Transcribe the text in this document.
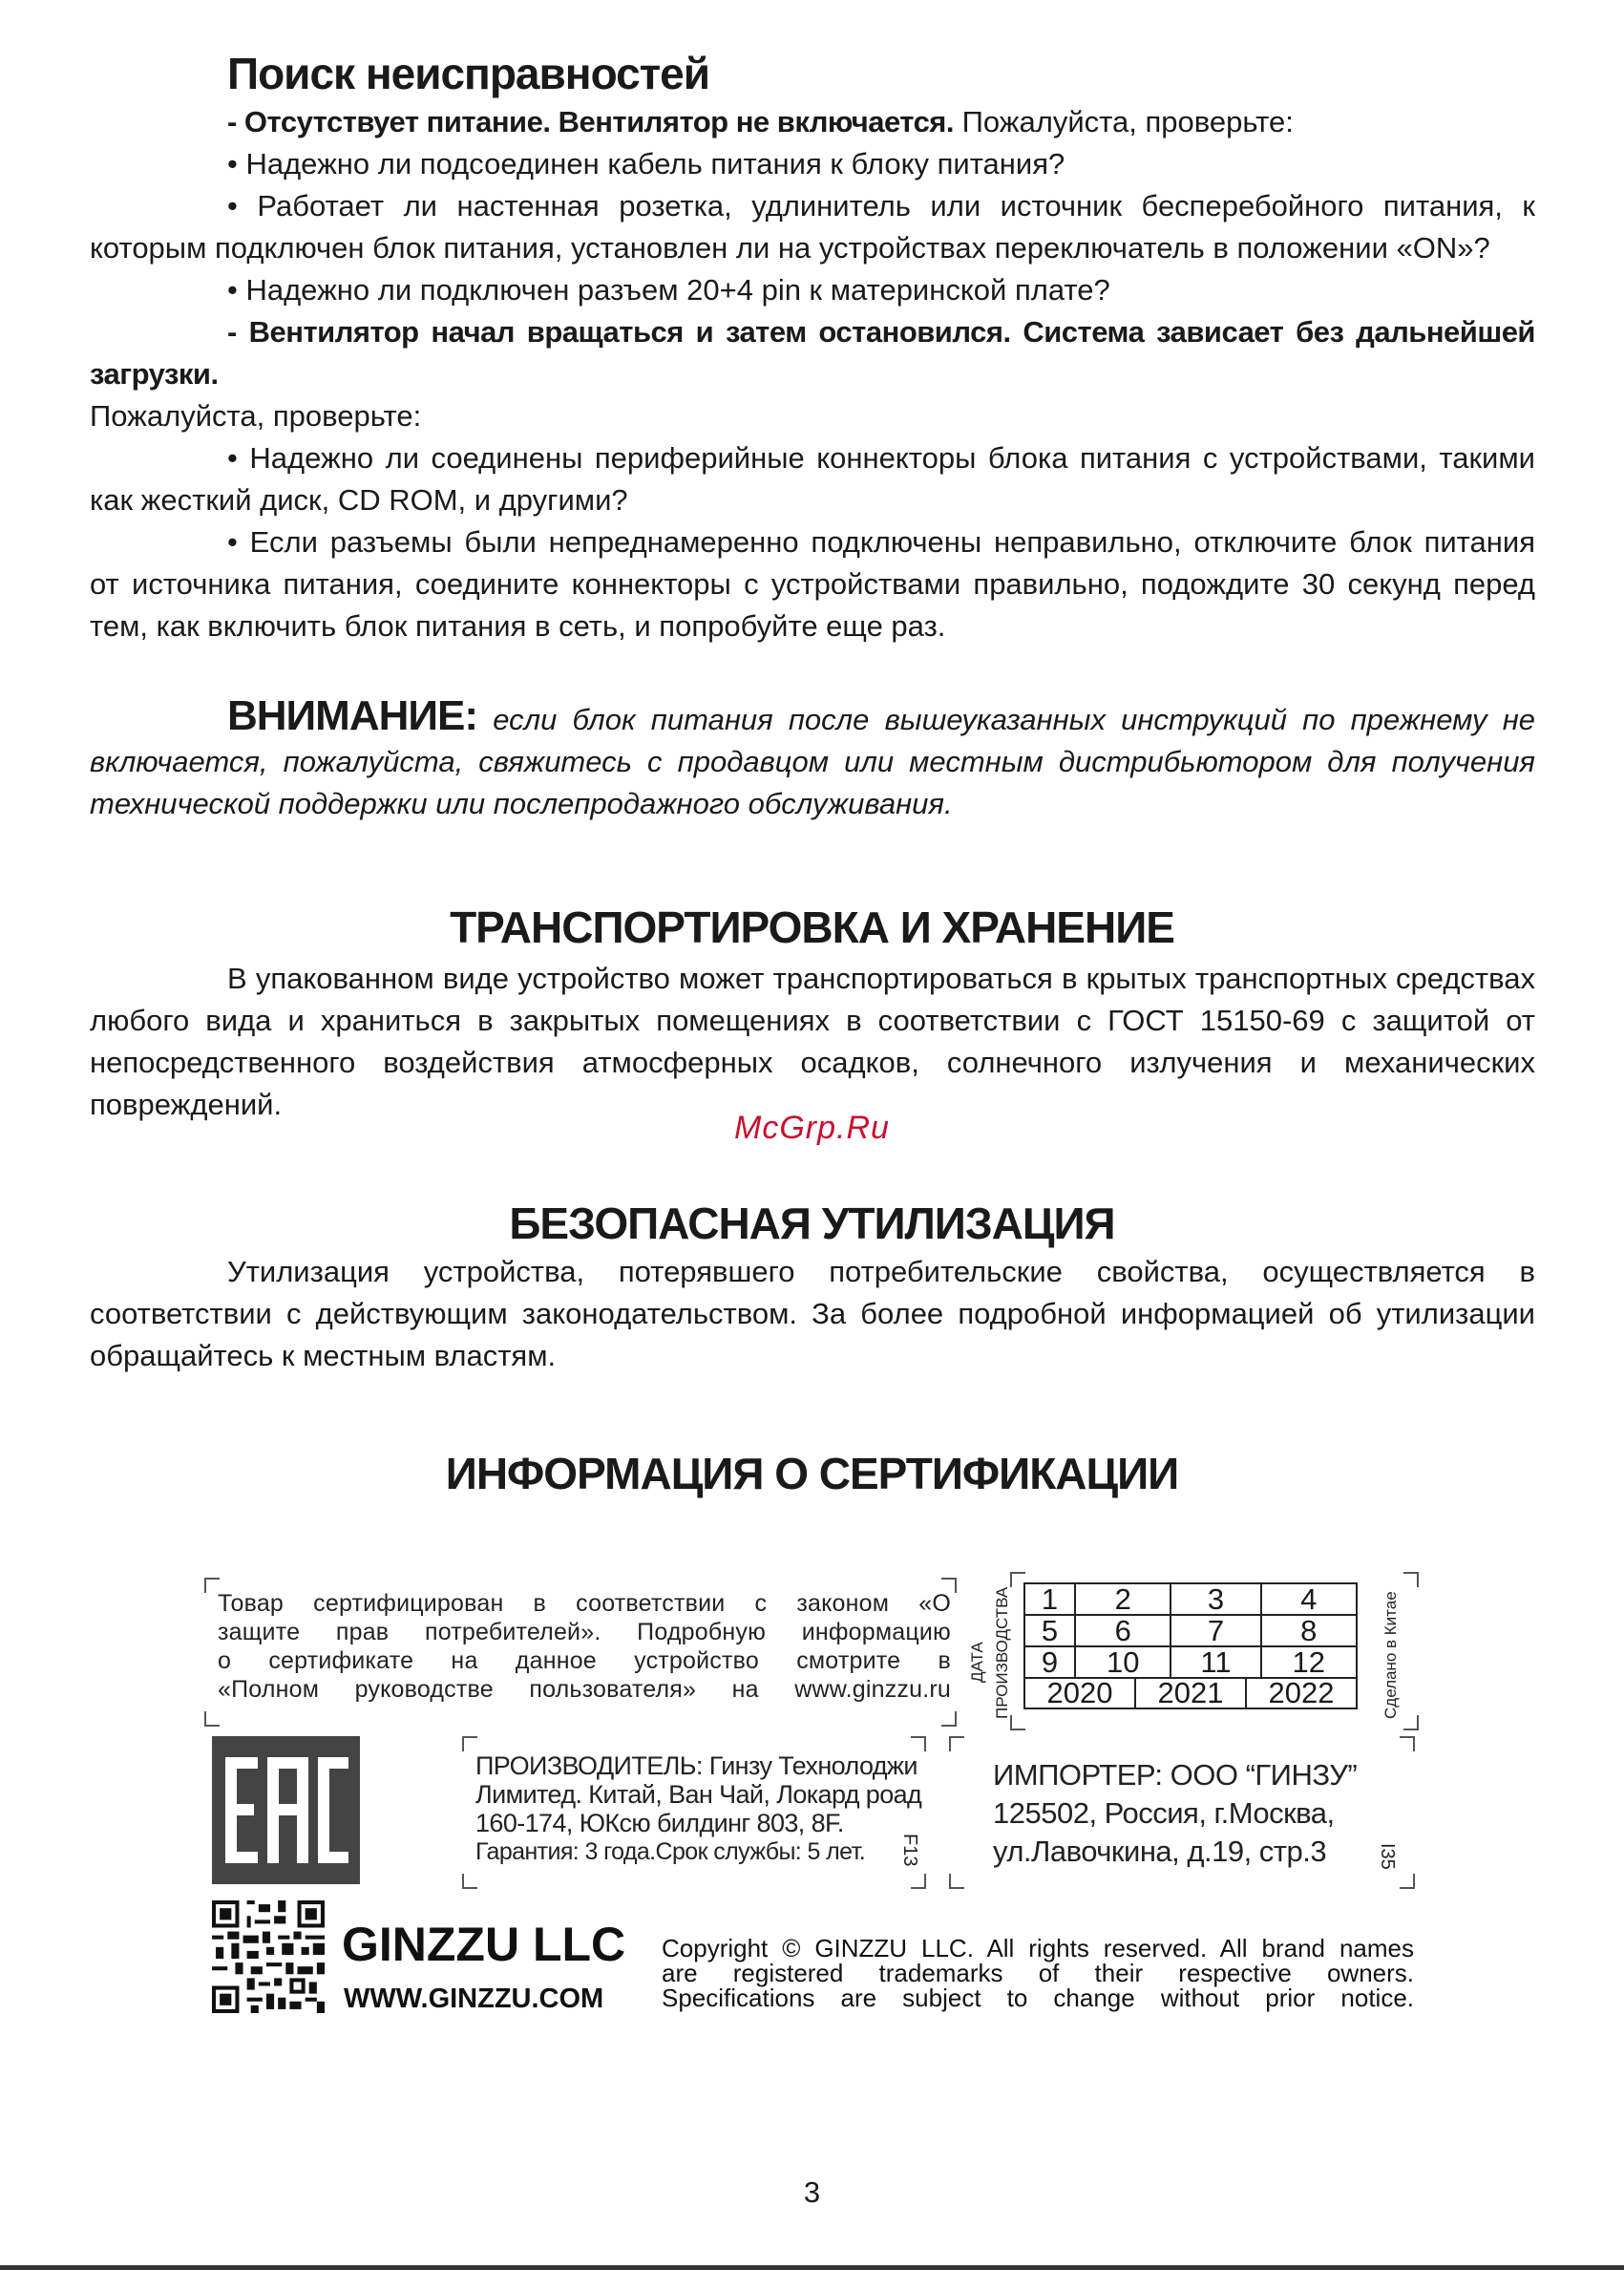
Поиск неисправностей

- Отсутствует питание. Вентилятор не включается. Пожалуйста, проверьте:

• Надежно ли подсоединен кабель питания к блоку питания?

• Работает ли настенная розетка, удлинитель или источник бесперебойного питания, к которым подключен блок питания, установлен ли на устройствах переключатель в положении «ON»?

• Надежно ли подключен разъем 20+4 pin к материнской плате?

- Вентилятор начал вращаться и затем остановился. Система зависает без дальнейшей загрузки.

Пожалуйста, проверьте:

• Надежно ли соединены периферийные коннекторы блока питания с устройствами, такими как жесткий диск, CD ROM, и другими?

• Если разъемы были непреднамеренно подключены неправильно, отключите блок питания от источника питания, соедините коннекторы с устройствами правильно, подождите 30 секунд перед тем, как включить блок питания в сеть, и попробуйте еще раз.

ВНИМАНИЕ: если блок питания после вышеуказанных инструкций по прежнему не включается, пожалуйста, свяжитесь с продавцом или местным дистрибьютором для получения технической поддержки или послепродажного обслуживания.

ТРАНСПОРТИРОВКА И ХРАНЕНИЕ

В упакованном виде устройство может транспортироваться в крытых транспортных средствах любого вида и храниться в закрытых помещениях в соответствии с ГОСТ 15150-69 с защитой от непосредственного воздействия атмосферных осадков, солнечного излучения и механических повреждений.

McGrp.Ru
БЕЗОПАСНАЯ УТИЛИЗАЦИЯ

Утилизация устройства, потерявшего потребительские свойства, осуществляется в соответствии с действующим законодательством. За более подробной информацией об утилизации обращайтесь к местным властям.

ИНФОРМАЦИЯ О СЕРТИФИКАЦИИ

Товар сертифицирован в соответствии с законом «О

защите прав потребителей». Подробную информацию

о сертификате на данное устройство смотрите в

«Полном руководстве пользователя» на www.ginzzu.ru

ДАТА ПРОИЗВОДСТВА 1	2	3	4
5	6	7	8
9	10	11	12
2020	2021	2022	Сделано в Китае
ПРОИЗВОДИТЕЛЬ: Гинзу Технолоджи
Лимитед. Китай, Ван Чай, Локард роад
160-174, ЮКсю билдинг 803, 8F.
Гарантия: 3 года.Срок службы: 5 лет.	F13
ИМПОРТЕР: ООО “ГИНЗУ”
125502, Россия, г.Москва,
ул.Лавочкина, д.19, стр.3	I35
GINZZU LLC
WWW.GINZZU.COM

Copyright © GINZZU LLC. All rights reserved. All brand names

are registered trademarks of their respective owners.

Specifications are subject to change without prior notice.

3
